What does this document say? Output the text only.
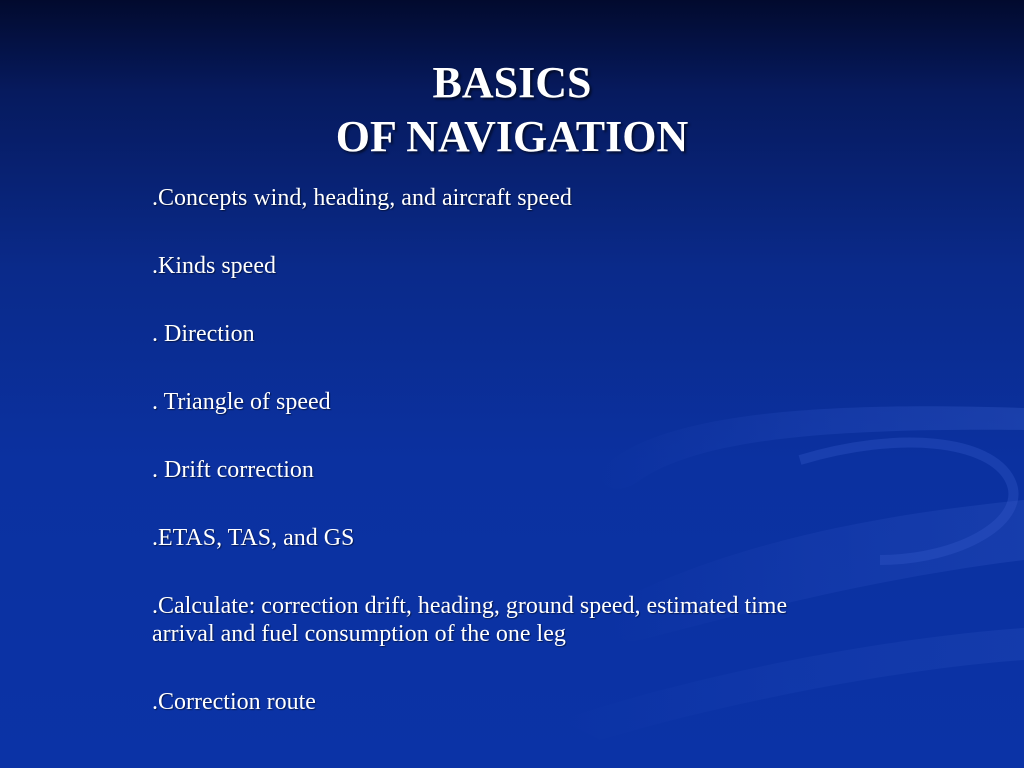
BASICS
OF NAVIGATION
.Concepts wind, heading, and aircraft speed
.Kinds speed
. Direction
. Triangle of speed
. Drift correction
.ETAS, TAS, and GS
.Calculate: correction drift, heading, ground speed, estimated time arrival and fuel consumption of the one leg
.Correction route
